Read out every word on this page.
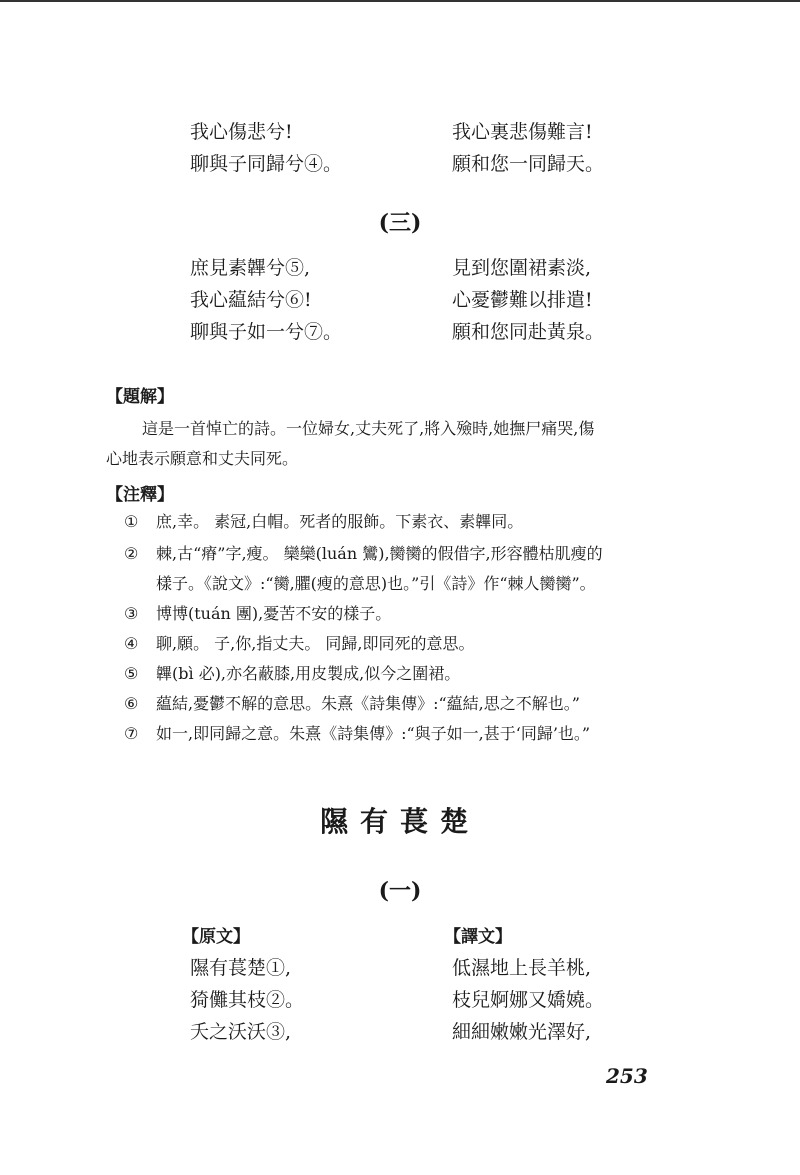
我心傷悲兮!	我心裏悲傷難言!
聊與子同歸兮④。	願和您一同歸天。
(三)
庶見素韠兮⑤,	見到您圍裙素淡,
我心藴結兮⑥!	心憂鬱難以排遣!
聊與子如一兮⑦。	願和您同赴黃泉。
【題解】
這是一首悼亡的詩。一位婦女,丈夫死了,將入殮時,她撫尸痛哭,傷
心地表示願意和丈夫同死。
【注釋】
① 庶,幸。 素冠,白帽。死者的服飾。下素衣、素韠同。
② 棘,古“瘠”字,瘦。 欒欒(luán 鸞),臠臠的假借字,形容體枯肌瘦的
樣子。《說文》:“臠,臞(瘦的意思)也。”引《詩》作“棘人臠臠”。
③ 博博(tuán 團),憂苦不安的樣子。
④ 聊,願。 子,你,指丈夫。 同歸,即同死的意思。
⑤ 韠(bì 必),亦名蔽膝,用皮製成,似今之圍裙。
⑥ 藴結,憂鬱不解的意思。朱熹《詩集傳》:“藴結,思之不解也。”
⑦ 如一,即同歸之意。朱熹《詩集傳》:“與子如一,甚于‘同歸’也。”
隰有萇楚
(一)
【原文】	【譯文】
隰有萇楚①,	低濕地上長羊桃,
猗儺其枝②。	枝兒婀娜又嬌嬈。
夭之沃沃③,	細細嫩嫩光澤好,
253
